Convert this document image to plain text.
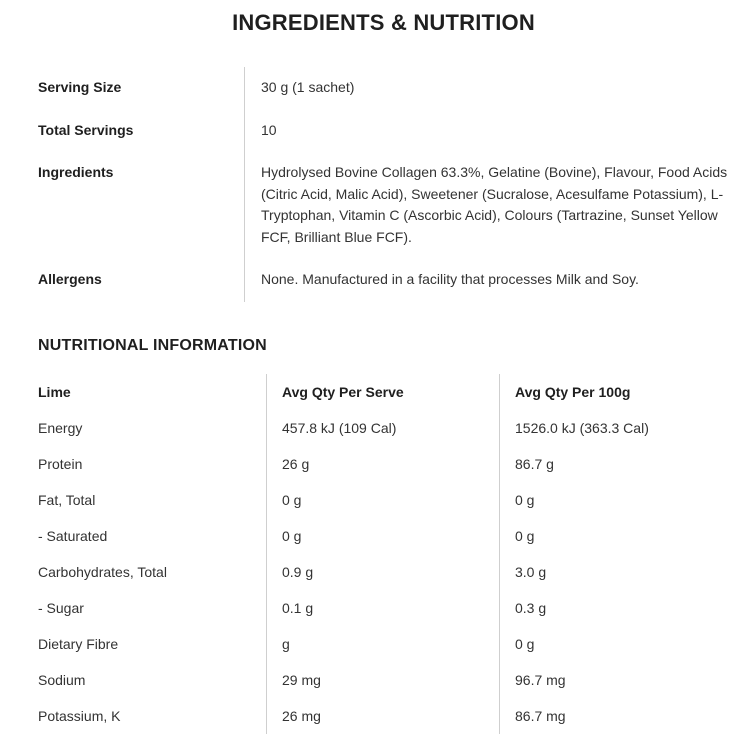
INGREDIENTS & NUTRITION
Serving Size	30 g (1 sachet)
Total Servings	10
Ingredients	Hydrolysed Bovine Collagen 63.3%, Gelatine (Bovine), Flavour, Food Acids (Citric Acid, Malic Acid), Sweetener (Sucralose, Acesulfame Potassium), L-Tryptophan, Vitamin C (Ascorbic Acid), Colours (Tartrazine, Sunset Yellow FCF, Brilliant Blue FCF).
Allergens	None. Manufactured in a facility that processes Milk and Soy.
NUTRITIONAL INFORMATION
Lime	Avg Qty Per Serve	Avg Qty Per 100g
Energy	457.8 kJ (109 Cal)	1526.0 kJ (363.3 Cal)
Protein	26 g	86.7 g
Fat, Total	0 g	0 g
- Saturated	0 g	0 g
Carbohydrates, Total	0.9 g	3.0 g
- Sugar	0.1 g	0.3 g
Dietary Fibre	g	0 g
Sodium	29 mg	96.7 mg
Potassium, K	26 mg	86.7 mg
